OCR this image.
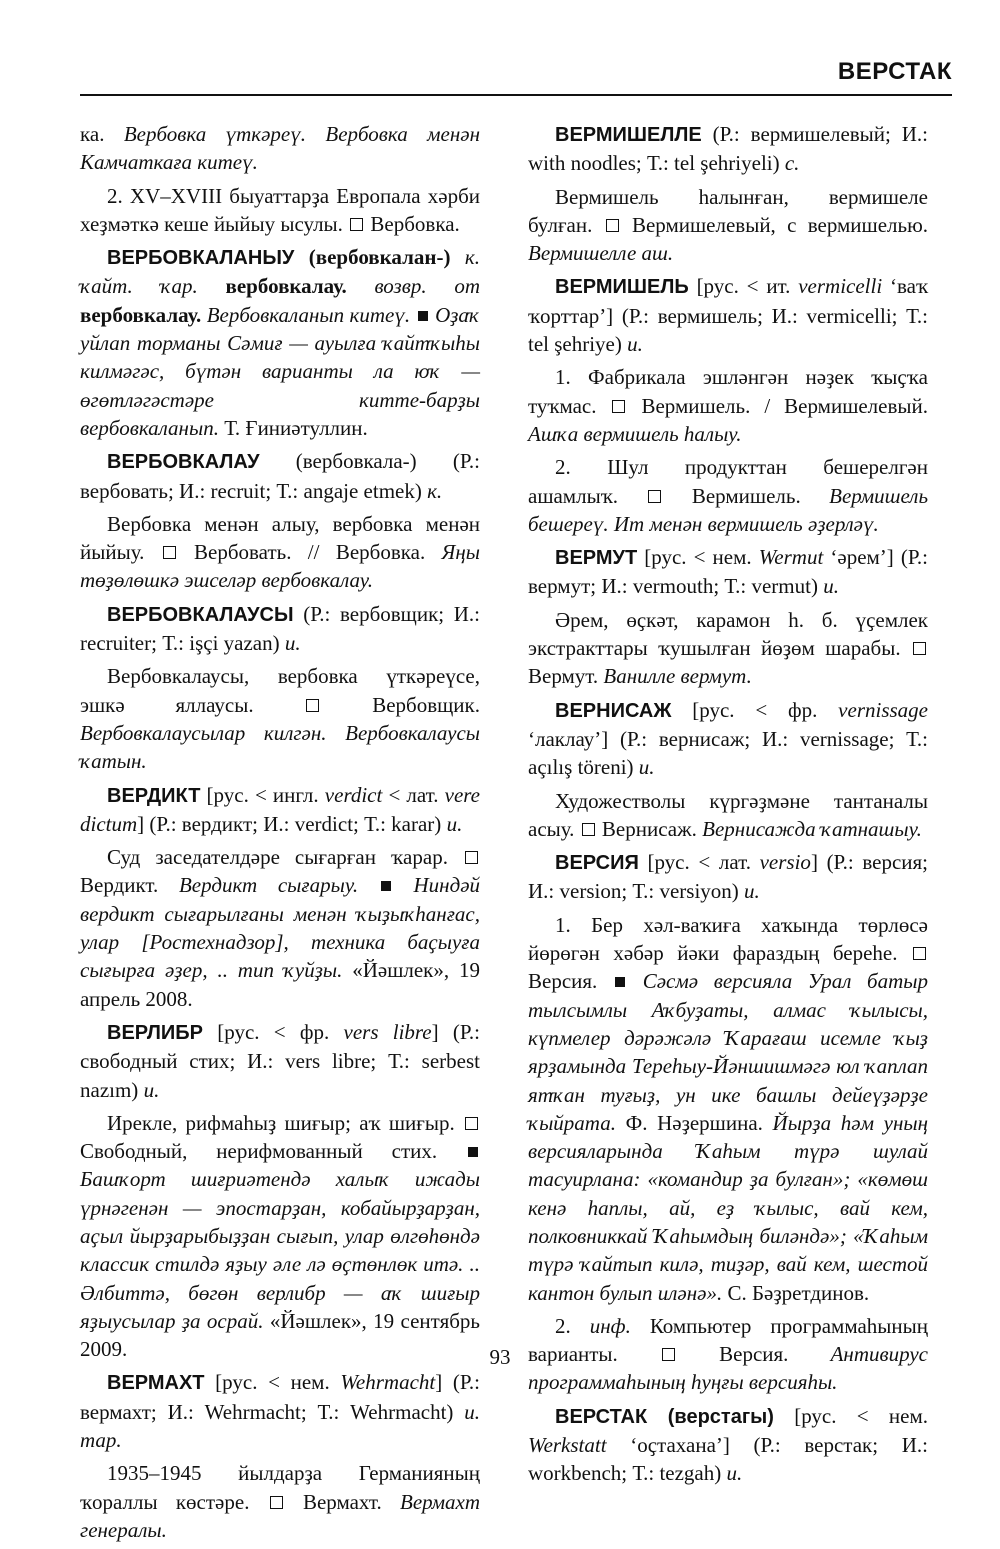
ВЕРСТАК

ка. Вербовка үткәреү. Вербовка менән Камчаткаға китеү.

2. XV–XVIII быуаттарҙа Европала хәрби хеҙмәткә кеше йыйыу ысулы. Вербовка.

ВЕРБОВКАЛАНЫУ (вербовкалан-) к. ҡайт. ҡар. вербовкалау. возвр. от вербовкалау. Вербовкаланып китеү. Оҙаҡ уйлап торманы Сәмиғ — ауылға ҡайтҡыһы килмәгәс, бүтән варианты ла юҡ — өгөтләгәстәре китте-барҙы вербовкаланып. Т. Ғиниәтуллин.

ВЕРБОВКАЛАУ (вербовкала-) (Р.: вербовать; И.: recruit; Т.: angaje etmek) к.

Вербовка менән алыу, вербовка менән йыйыу. Вербовать. // Вербовка. Яңы төҙөлөшкә эшселәр вербовкалау.

ВЕРБОВКАЛАУСЫ (Р.: вербовщик; И.: recruiter; Т.: işçi yazan) и.

Вербовкалаусы, вербовка үткәреүсе, эшкә яллаусы.	Вербовщик. Вербовкалаусылар килгән. Вербовкалаусы ҡатын.

ВЕРДИКТ [рус. < ингл. verdict < лат. vere dictum] (Р.: вердикт; И.: verdict; Т.: karar) и.

Суд заседателдәре сығарған ҡарар.  Вердикт. Вердикт сығарыу.	Ниндәй вердикт сығарылғаны менән ҡыҙыҡһанғас, улар [Ростехнадзор], техника баҫыуға сығырға әҙер, .. тип ҡуйҙы. «Йәшлек», 19 апрель 2008.

ВЕРЛИБР [рус. < фр. vers libre] (Р.: свободный стих; И.: vers libre; Т.: serbest nazım) и.

Иреклe, рифмаһыҙ шиғыр; аҡ шиғыр.  Свободный, нерифмованный стих.  Башҡорт шиғриәтендә халыҡ ижады үрнәгенән — эпостарҙан, кобайырҙарҙан, аҫыл йырҙарыбыҙҙан сығып, улар өлгөһөндә классик стилдә яҙыу әле лә өҫтөнлөк итә. .. Әлбиттә, бөгөн верлибр — аҡ шиғыр яҙыусылар ҙа осрай. «Йәшлек», 19 сентябрь 2009.

ВЕРМАХТ [рус. < нем. Wehrmacht] (Р.: вермахт; И.: Wehrmacht; Т.: Wehrmacht) и. тар.

1935–1945 йылдарҙа Германияның ҡораллы көстәре.	Вермахт. Вермахт генералы.

ВЕРМИШЕЛЛЕ (Р.: вермишелевый; И.: with noodles; Т.: tel şehriyeli) с.

Вермишель һалынған, вермишеле булған. Вермишелевый, с вермишелью. Вермишелле аш.

ВЕРМИШЕЛЬ [рус. < ит. vermicelli ‘ваҡ ҡорттар’] (Р.: вермишель; И.: vermicelli; Т.: tel şehriye) и.

1. Фабрикала эшләнгән нәҙек ҡыҫҡа туҡмас. Вермишель. / Вермишелевый. Ашҡа вермишель һалыу.

2. Шул продукттан бешерелгән ашамлыҡ.	Вермишель. Вермишель бешереү. Ит менән вермишель әҙерләү.

ВЕРМУТ [рус. < нем. Wermut ‘әрем’] (Р.: вермут; И.: vermouth; Т.: vermut) и.

Әрем, өҫкәт, карамон һ. б. үҫемлек экстракттары ҡушылған йөҙөм шарабы.  Вермут. Ваниллe вермут.

ВЕРНИСАЖ [рус. < фр. vernissage ‘лаклау’] (Р.: вернисаж; И.: vernissage; Т.: açılış töreni) и.

Художестволы күргәҙмәне тантаналы асыу. Вернисаж. Вернисажда ҡатнашыу.

ВЕРСИЯ [рус. < лат. versio] (Р.: версия; И.: version; Т.: versiyon) и.

1. Бер хәл-ваҡиға хаҡында төрлөсә йөрөгән хәбәр йәки фараздың береһе.  Версия. Сәсмә версияла Урал батыр тылсымлы Аҡбуҙаты, алмас ҡылысы, күпмелер дәрәжәлә Ҡарағаш исемле ҡыҙ ярҙамында Тереһыу-Йәншишмәгә юл ҡаплап ятҡан туғыҙ, ун ике башлы дейеүҙәрҙе ҡыйрата. Ф. Нәҙершина. Йырҙа һәм уның версияларында Ҡаһым түрә шулай тасуирлана: «командир ҙа булған»; «көмөш кенә һаплы, ай, еҙ ҡылыс, вай кем, полковниккай Ҡаһымдың биләндә»; «Ҡаһым түрә ҡайтып килә, тиҙәр, вай кем, шестой кантон булып иләнә». С. Бәҙретдинов.

2. инф. Компьютер программаһының варианты.	Версия. Антивирус программаһының һуңғы версияһы.

ВЕРСТАК (верстагы) [рус. < нем. Werkstatt ‘оҫтахана’] (Р.: верстак; И.: workbench; Т.: tezgah) и.

93
